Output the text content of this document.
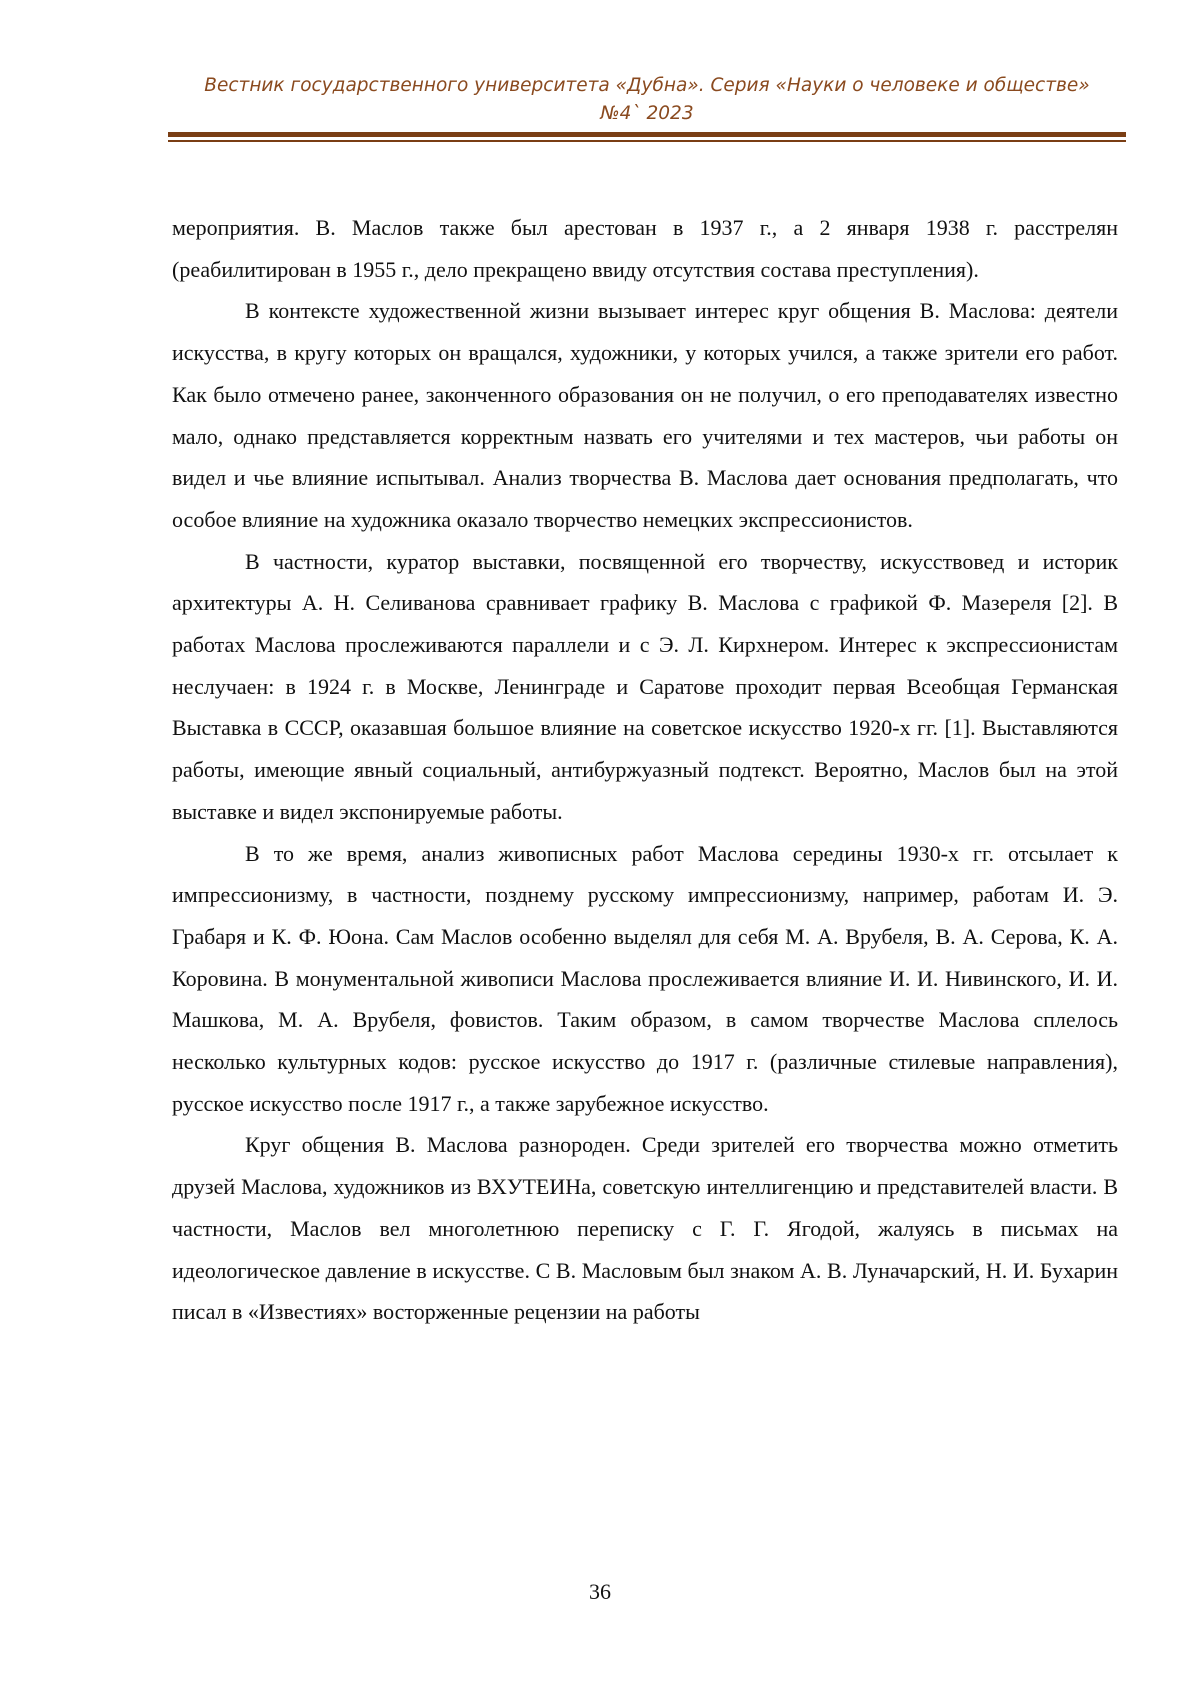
Вестник государственного университета «Дубна». Серия «Науки о человеке и обществе»
№4` 2023

мероприятия. В. Маслов также был арестован в 1937 г., а 2 января 1938 г. расстрелян (реабилитирован в 1955 г., дело прекращено ввиду отсутствия состава преступления).

В контексте художественной жизни вызывает интерес круг общения В. Маслова: деятели искусства, в кругу которых он вращался, художники, у которых учился, а также зрители его работ. Как было отмечено ранее, законченного образования он не получил, о его преподавателях известно мало, однако представляется корректным назвать его учителями и тех мастеров, чьи работы он видел и чье влияние испытывал. Анализ творчества В. Маслова дает основания предполагать, что особое влияние на художника оказало творчество немецких экспрессионистов.

В частности, куратор выставки, посвященной его творчеству, искусствовед и историк архитектуры А. Н. Селиванова сравнивает графику В. Маслова с графикой Ф. Мазереля [2]. В работах Маслова прослеживаются параллели и с Э. Л. Кирхнером. Интерес к экспрессионистам неслучаен: в 1924 г. в Москве, Ленинграде и Саратове проходит первая Всеобщая Германская Выставка в СССР, оказавшая большое влияние на советское искусство 1920-х гг. [1]. Выставляются работы, имеющие явный социальный, антибуржуазный подтекст. Вероятно, Маслов был на этой выставке и видел экспонируемые работы.

В то же время, анализ живописных работ Маслова середины 1930-х гг. отсылает к импрессионизму, в частности, позднему русскому импрессионизму, например, работам И. Э. Грабаря и К. Ф. Юона. Сам Маслов особенно выделял для себя М. А. Врубеля, В. А. Серова, К. А. Коровина. В монументальной живописи Маслова прослеживается влияние И. И. Нивинского, И. И. Машкова, М. А. Врубеля, фовистов. Таким образом, в самом творчестве Маслова сплелось несколько культурных кодов: русское искусство до 1917 г. (различные стилевые направления), русское искусство после 1917 г., а также зарубежное искусство.

Круг общения В. Маслова разнороден. Среди зрителей его творчества можно отметить друзей Маслова, художников из ВХУТЕИНа, советскую интеллигенцию и представителей власти. В частности, Маслов вел многолетнюю переписку с Г. Г. Ягодой, жалуясь в письмах на идеологическое давление в искусстве. С В. Масловым был знаком А. В. Луначарский, Н. И. Бухарин писал в «Известиях» восторженные рецензии на работы

36
